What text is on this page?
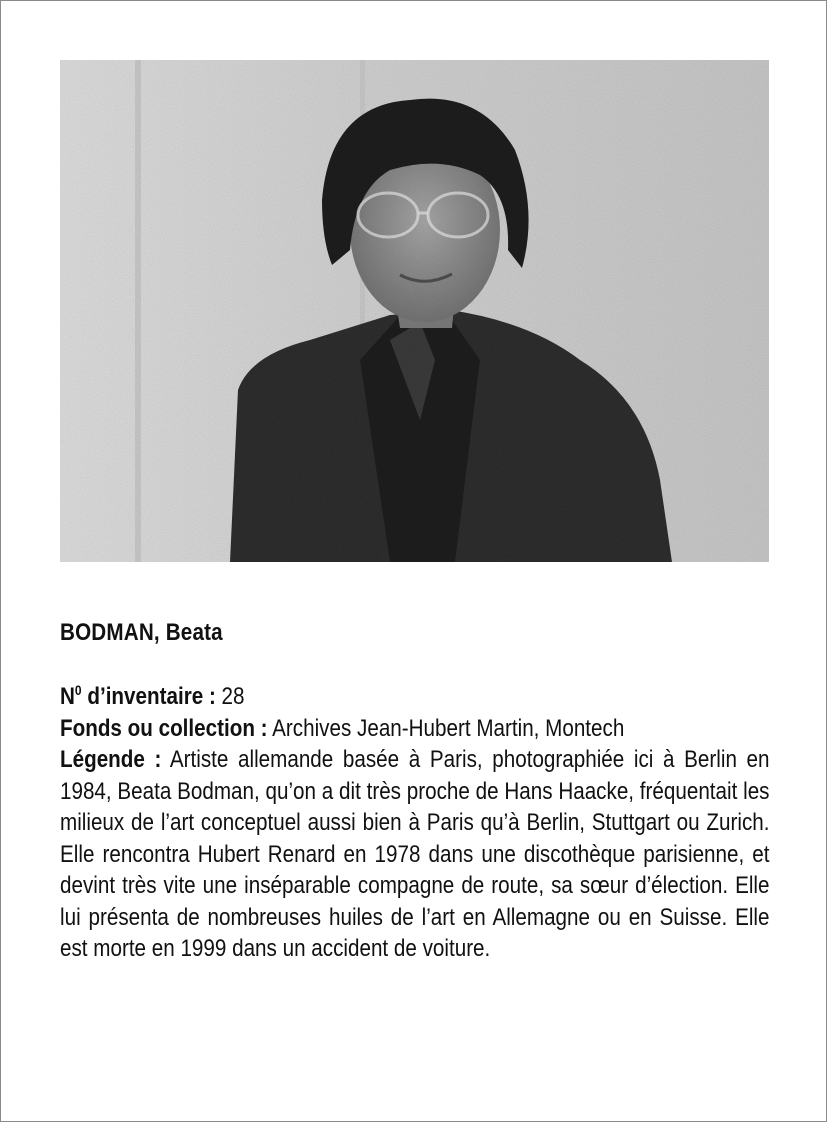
BODMAN, Beata

$N^0$ d’inventaire : 28

Fonds ou collection : Archives Jean-Hubert Martin, Montech

Légende : Artiste allemande basée à Paris, photographiée ici à Berlin en 1984, Beata Bodman, qu’on a dit très proche de Hans Haacke, fréquentait les milieux de l’art conceptuel aussi bien à Paris qu’à Berlin, Stuttgart ou Zurich. Elle rencontra Hubert Renard en 1978 dans une discothèque parisienne, et devint très vite une inséparable compagne de route, sa sœur d’élection. Elle lui présenta de nombreuses huiles de l’art en Allemagne ou en Suisse. Elle est morte en 1999 dans un accident de voiture.
